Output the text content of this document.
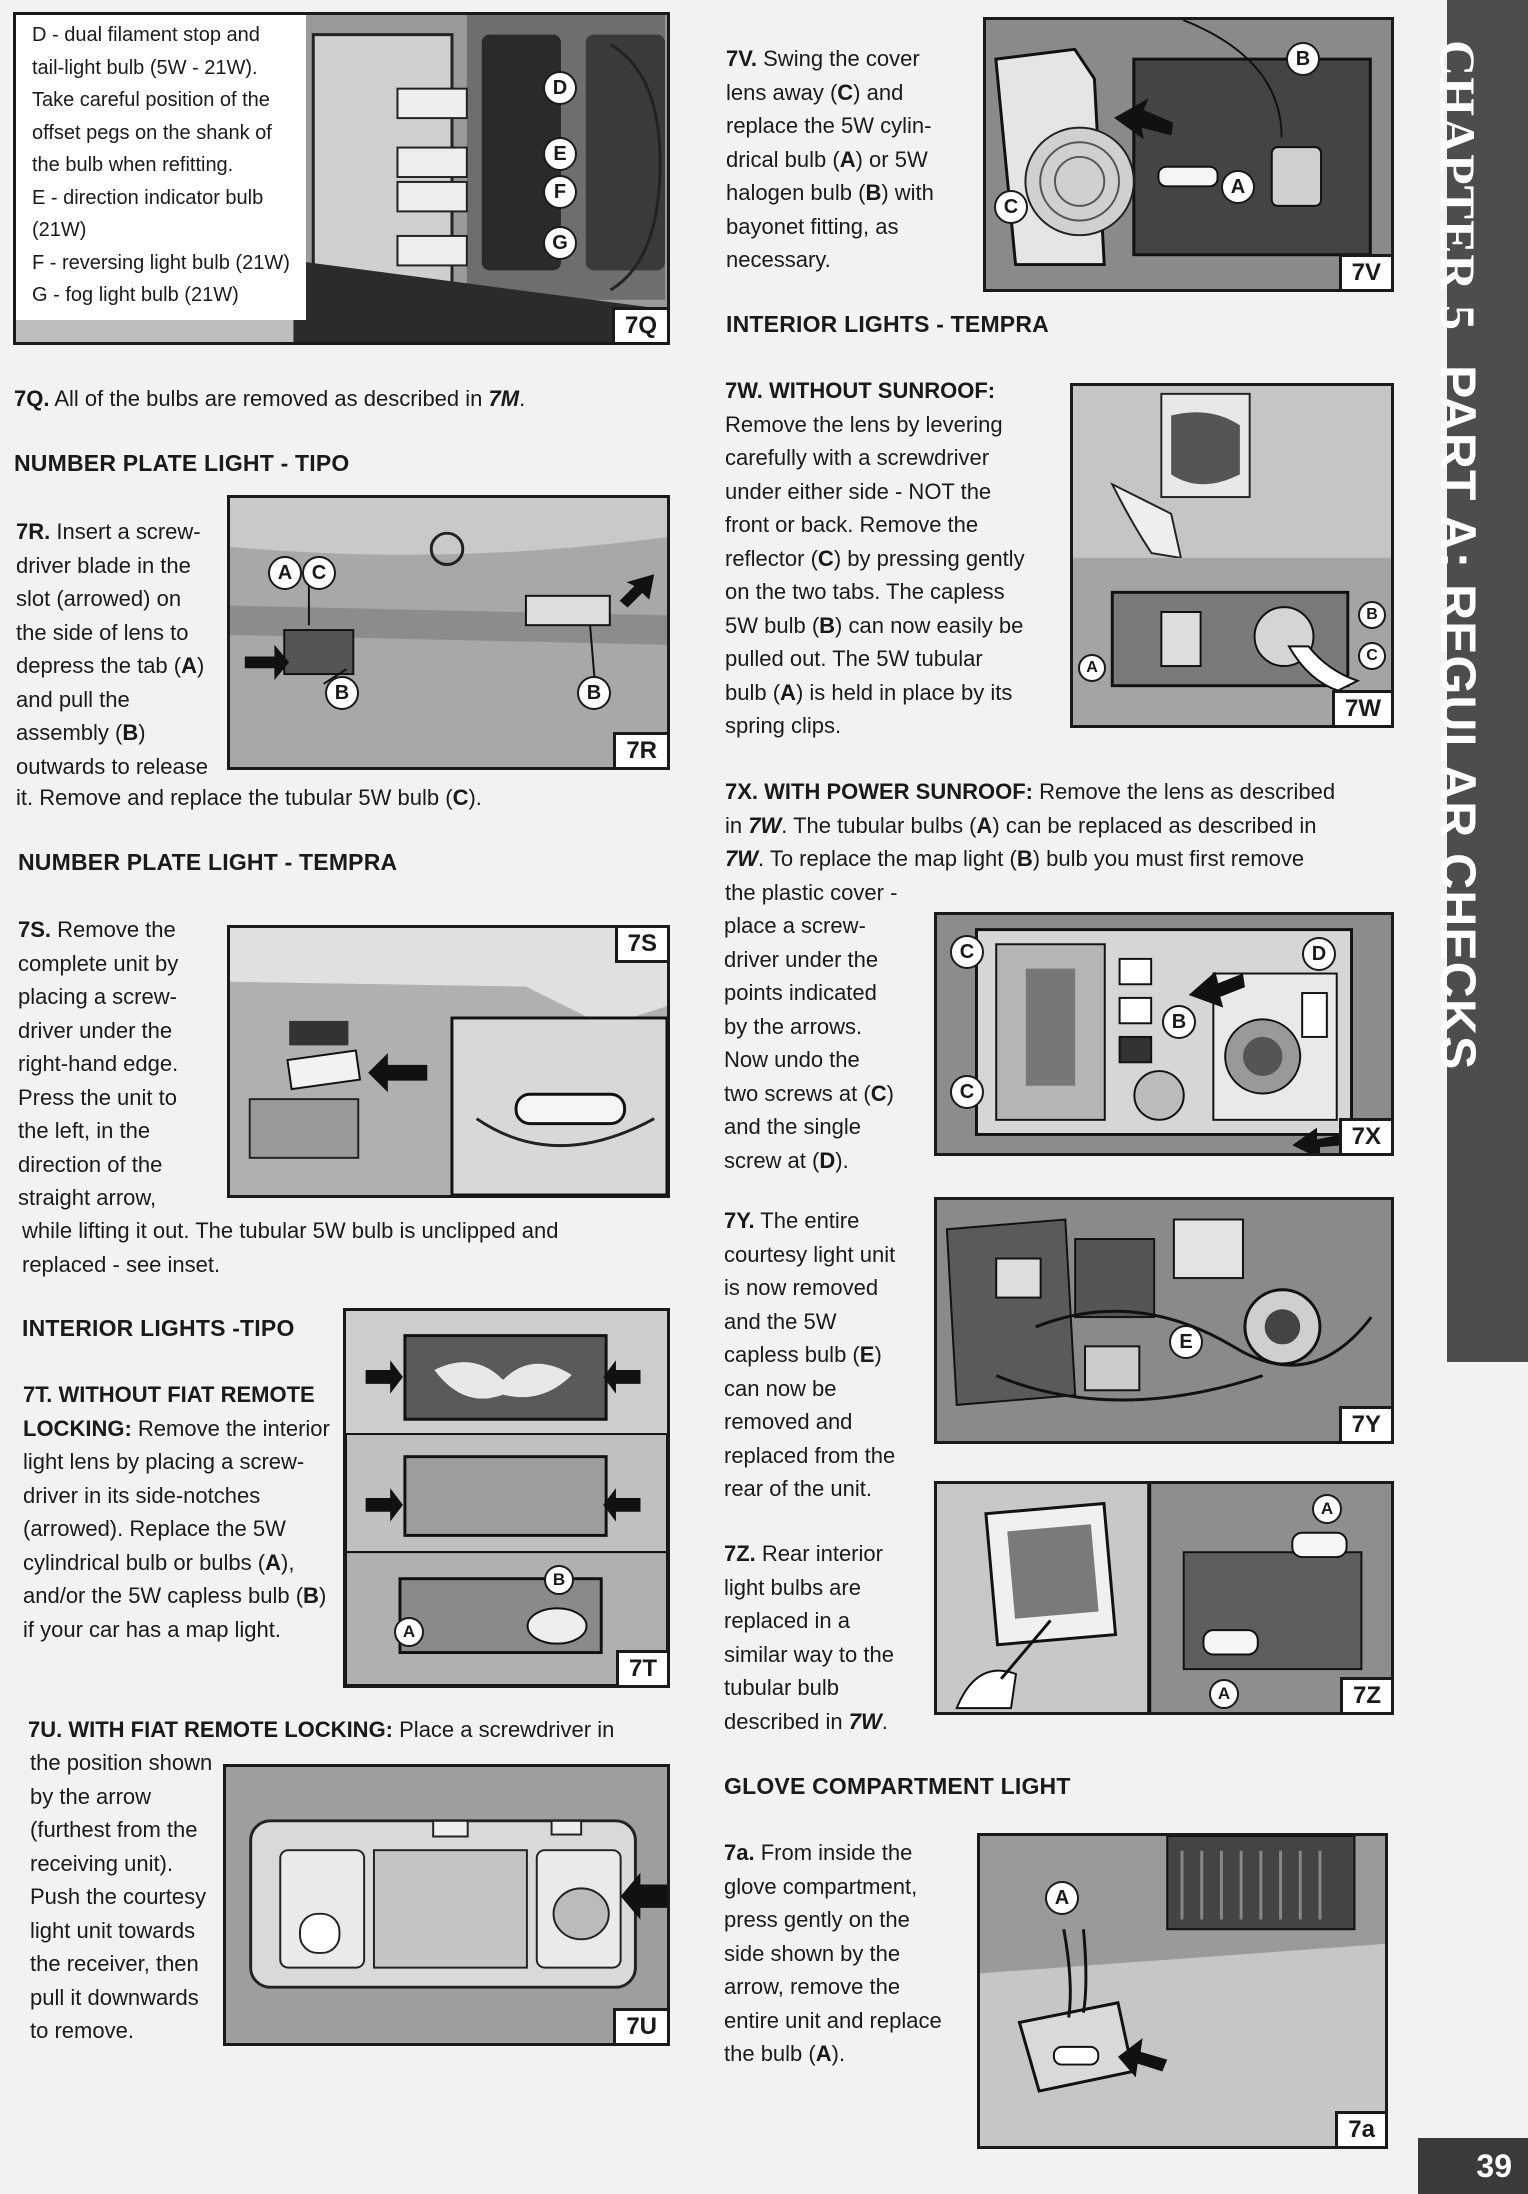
CHAPTER 5PART A: REGULAR CHECKS
39
D - dual filament stop and
tail-light bulb (5W - 21W).
Take careful position of the
offset pegs on the shank of
the bulb when refitting.
E - direction indicator bulb
(21W)
F - reversing light bulb (21W)
G - fog light bulb (21W)
D
E
F
G
7Q
7Q. All of the bulbs are removed as described in 7M.
NUMBER PLATE LIGHT - TIPO
7R. Insert a screw-
driver blade in the
slot (arrowed) on
the side of lens to
depress the tab (A)
and pull the
assembly (B)
outwards to release
it. Remove and replace the tubular 5W bulb (C).
A C
B	B
7R
NUMBER PLATE LIGHT - TEMPRA
7S. Remove the
complete unit by
placing a screw-
driver under the
right-hand edge.
Press the unit to
the left, in the
direction of the
straight arrow,
while lifting it out. The tubular 5W bulb is unclipped and
replaced - see inset.
7S
INTERIOR LIGHTS -TIPO
B
A
7T
7T. WITHOUT FIAT REMOTE
LOCKING: Remove the interior
light lens by placing a screw-
driver in its side-notches
(arrowed). Replace the 5W
cylindrical bulb or bulbs (A),
and/or the 5W capless bulb (B)
if your car has a map light.
7U. WITH FIAT REMOTE LOCKING: Place a screwdriver in
the position shown
by the arrow
(furthest from the
receiving unit).
Push the courtesy
light unit towards
the receiver, then
pull it downwards
to remove.	7U
7V. Swing the cover
lens away (C) and
replace the 5W cylin-
drical bulb (A) or 5W
halogen bulb (B) with
bayonet fitting, as
necessary.
B
A
C
7V
INTERIOR LIGHTS - TEMPRA
7W. WITHOUT SUNROOF:
Remove the lens by levering
carefully with a screwdriver
under either side - NOT the
front or back. Remove the
reflector (C) by pressing gently
on the two tabs. The capless
5W bulb (B) can now easily be
pulled out. The 5W tubular
bulb (A) is held in place by its
spring clips.
A
B
C
7W
7X. WITH POWER SUNROOF: Remove the lens as described
in 7W. The tubular bulbs (A) can be replaced as described in
7W. To replace the map light (B) bulb you must first remove
the plastic cover -
place a screw-
driver under the
points indicated
by the arrows.
Now undo the
two screws at (C)
and the single
screw at (D).
C
C
B
D
7X
7Y. The entire
courtesy light unit
is now removed
and the 5W
capless bulb (E)
can now be
removed and
replaced from the
rear of the unit.
E
7Y
7Z. Rear interior
light bulbs are
replaced in a
similar way to the
tubular bulb
described in 7W.
A
A	7Z
GLOVE COMPARTMENT LIGHT
7a. From inside the
glove compartment,
press gently on the
side shown by the
arrow, remove the
entire unit and replace
the bulb (A).
A
7a
